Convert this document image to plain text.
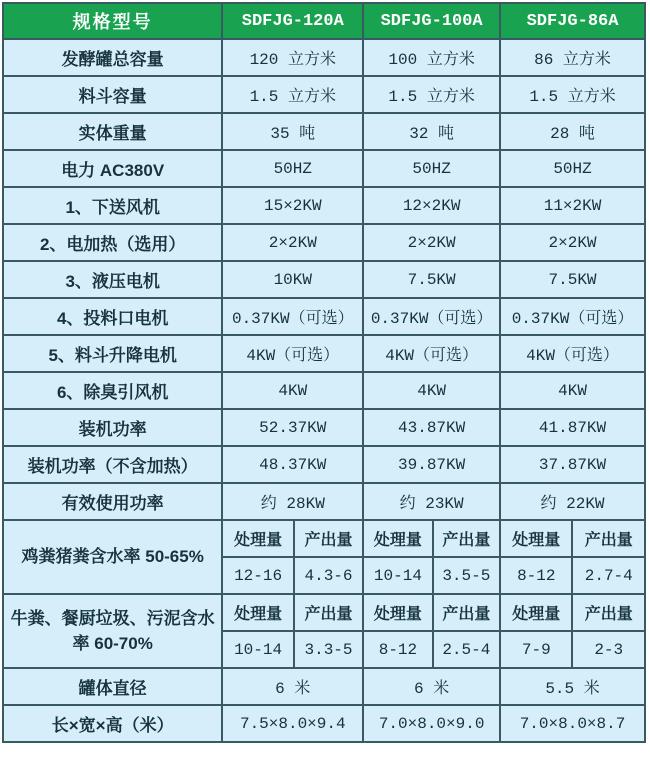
规格型号	SDFJG-120A		SDFJG-100A		SDFJG-86A	
发酵罐总容量	120 立方米		100 立方米		86 立方米	
料斗容量	1.5 立方米		1.5 立方米		1.5 立方米	
实体重量	35 吨		32 吨		28 吨	
电力 AC380V	50HZ		50HZ		50HZ	
1、下送风机	15×2KW		12×2KW		11×2KW	
2、电加热（选用）	2×2KW		2×2KW		2×2KW	
3、液压电机	10KW		7.5KW		7.5KW	
4、投料口电机	0.37KW（可选）		0.37KW（可选）		0.37KW（可选）	
5、料斗升降电机	4KW（可选）		4KW（可选）		4KW（可选）	
6、除臭引风机	4KW		4KW		4KW	
装机功率	52.37KW		43.87KW		41.87KW	
装机功率（不含加热）	48.37KW		39.87KW		37.87KW	
有效使用功率	约 28KW		约 23KW		约 22KW	
鸡粪猪粪含水率 50-65%	处理量	产出量	处理量	产出量	处理量	产出量
	12-16	4.3-6	10-14	3.5-5	8-12	2.7-4
牛粪、餐厨垃圾、污泥含水率 60-70%	处理量	产出量	处理量	产出量	处理量	产出量
	10-14	3.3-5	8-12	2.5-4	7-9	2-3
罐体直径	6 米		6 米		5.5 米	
长×宽×高（米）	7.5×8.0×9.4		7.0×8.0×9.0		7.0×8.0×8.7	
